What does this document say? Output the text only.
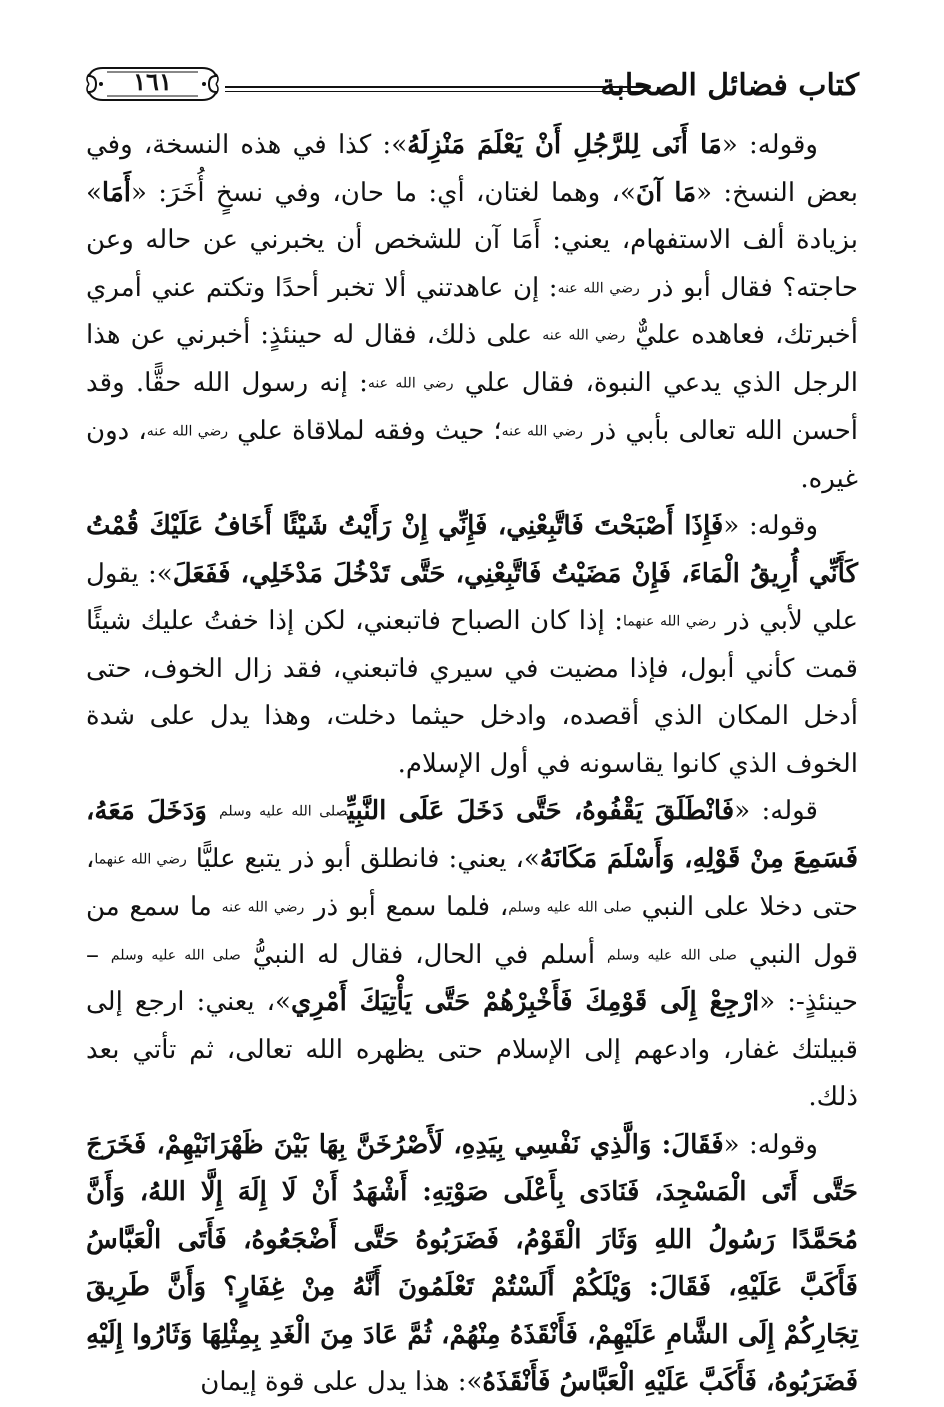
كتاب فضائل الصحابة
١٦١

وقوله: «مَا أَنَى لِلرَّجُلِ أَنْ يَعْلَمَ مَنْزِلَهُ»: كذا في هذه النسخة، وفي بعض النسخ: «مَا آنَ»، وهما لغتان، أي: ما حان، وفي نسخٍ أُخَرَ: «أَمَا» بزيادة ألف الاستفهام، يعني: أَمَا آن للشخص أن يخبرني عن حاله وعن حاجته؟ فقال أبو ذر رضي الله عنه: إن عاهدتني ألا تخبر أحدًا وتكتم عني أمري أخبرتك، فعاهده عليٌّ رضي الله عنه على ذلك، فقال له حينئذٍ: أخبرني عن هذا الرجل الذي يدعي النبوة، فقال علي رضي الله عنه: إنه رسول الله حقًّا. وقد أحسن الله تعالى بأبي ذر رضي الله عنه؛ حيث وفقه لملاقاة علي رضي الله عنه، دون غيره.

وقوله: «فَإِذَا أَصْبَحْتَ فَاتَّبِعْنِي، فَإِنِّي إِنْ رَأَيْتُ شَيْئًا أَخَافُ عَلَيْكَ قُمْتُ كَأَنِّي أُرِيقُ الْمَاءَ، فَإِنْ مَضَيْتُ فَاتَّبِعْنِي، حَتَّى تَدْخُلَ مَدْخَلِي، فَفَعَلَ»: يقول علي لأبي ذر رضي الله عنهما: إذا كان الصباح فاتبعني، لكن إذا خفتُ عليك شيئًا قمت كأني أبول، فإذا مضيت في سيري فاتبعني، فقد زال الخوف، حتى أدخل المكان الذي أقصده، وادخل حيثما دخلت، وهذا يدل على شدة الخوف الذي كانوا يقاسونه في أول الإسلام.

قوله: «فَانْطَلَقَ يَقْفُوهُ، حَتَّى دَخَلَ عَلَى النَّبِيِّصلى الله عليه وسلم وَدَخَلَ مَعَهُ، فَسَمِعَ مِنْ قَوْلِهِ، وَأَسْلَمَ مَكَانَهُ»، يعني: فانطلق أبو ذر يتبع عليًّا رضي الله عنهما، حتى دخلا على النبي صلى الله عليه وسلم، فلما سمع أبو ذر رضي الله عنه ما سمع من قول النبي صلى الله عليه وسلم أسلم في الحال، فقال له النبيُّ صلى الله عليه وسلم – حينئذٍ-: «ارْجِعْ إِلَى قَوْمِكَ فَأَخْبِرْهُمْ حَتَّى يَأْتِيَكَ أَمْرِي»، يعني: ارجع إلى قبيلتك غفار، وادعهم إلى الإسلام حتى يظهره الله تعالى، ثم تأتي بعد ذلك.

وقوله: «فَقَالَ: وَالَّذِي نَفْسِي بِيَدِهِ، لَأَصْرُخَنَّ بِهَا بَيْنَ ظَهْرَانَيْهِمْ، فَخَرَجَ حَتَّى أَتَى الْمَسْجِدَ، فَنَادَى بِأَعْلَى صَوْتِهِ: أَشْهَدُ أَنْ لَا إِلَهَ إِلَّا اللهُ، وَأَنَّ مُحَمَّدًا رَسُولُ اللهِ وَثَارَ الْقَوْمُ، فَضَرَبُوهُ حَتَّى أَضْجَعُوهُ، فَأَتَى الْعَبَّاسُ فَأَكَبَّ عَلَيْهِ، فَقَالَ: وَيْلَكُمْ أَلَسْتُمْ تَعْلَمُونَ أَنَّهُ مِنْ غِفَارٍ؟ وَأَنَّ طَرِيقَ تِجَارِكُمْ إِلَى الشَّامِ عَلَيْهِمْ، فَأَنْقَذَهُ مِنْهُمْ، ثُمَّ عَادَ مِنَ الْغَدِ بِمِثْلِهَا وَثَارُوا إِلَيْهِ فَضَرَبُوهُ، فَأَكَبَّ عَلَيْهِ الْعَبَّاسُ فَأَنْقَذَهُ»: هذا يدل على قوة إيمان
